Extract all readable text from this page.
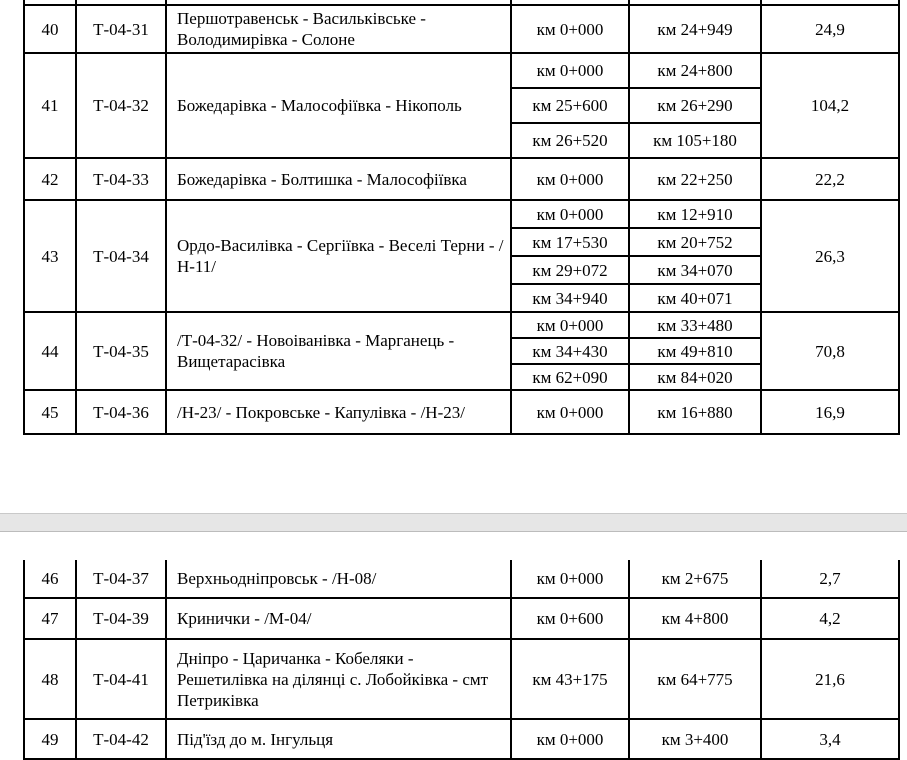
40	Т-04-31	Першотравенськ - Васильківське - Володимирівка - Солоне	км 0+000	км 24+949	24,9
41	Т-04-32	Божедарівка - Малософіївка - Нікополь	км 0+000	км 24+800	104,2
			км 25+600	км 26+290	
			км 26+520	км 105+180	
42	Т-04-33	Божедарівка - Болтишка - Малософіївка	км 0+000	км 22+250	22,2
43	Т-04-34	Ордо-Василівка - Сергіївка - Веселі Терни - /Н-11/	км 0+000	км 12+910	26,3
			км 17+530	км 20+752	
			км 29+072	км 34+070	
			км 34+940	км 40+071	
44	Т-04-35	/Т-04-32/ - Новоіванівка - Марганець - Вищетарасівка	км 0+000	км 33+480	70,8
			км 34+430	км 49+810	
			км 62+090	км 84+020	
45	Т-04-36	/Н-23/ - Покровське - Капулівка - /Н-23/	км 0+000	км 16+880	16,9
46	Т-04-37	Верхньодніпровськ - /Н-08/	км 0+000	км 2+675	2,7
47	Т-04-39	Кринички - /М-04/	км 0+600	км 4+800	4,2
48	Т-04-41	Дніпро - Царичанка - Кобеляки - Решетилівка на ділянці с. Лобойківка - смт Петриківка	км 43+175	км 64+775	21,6
49	Т-04-42	Під'їзд до м. Інгульця	км 0+000	км 3+400	3,4
